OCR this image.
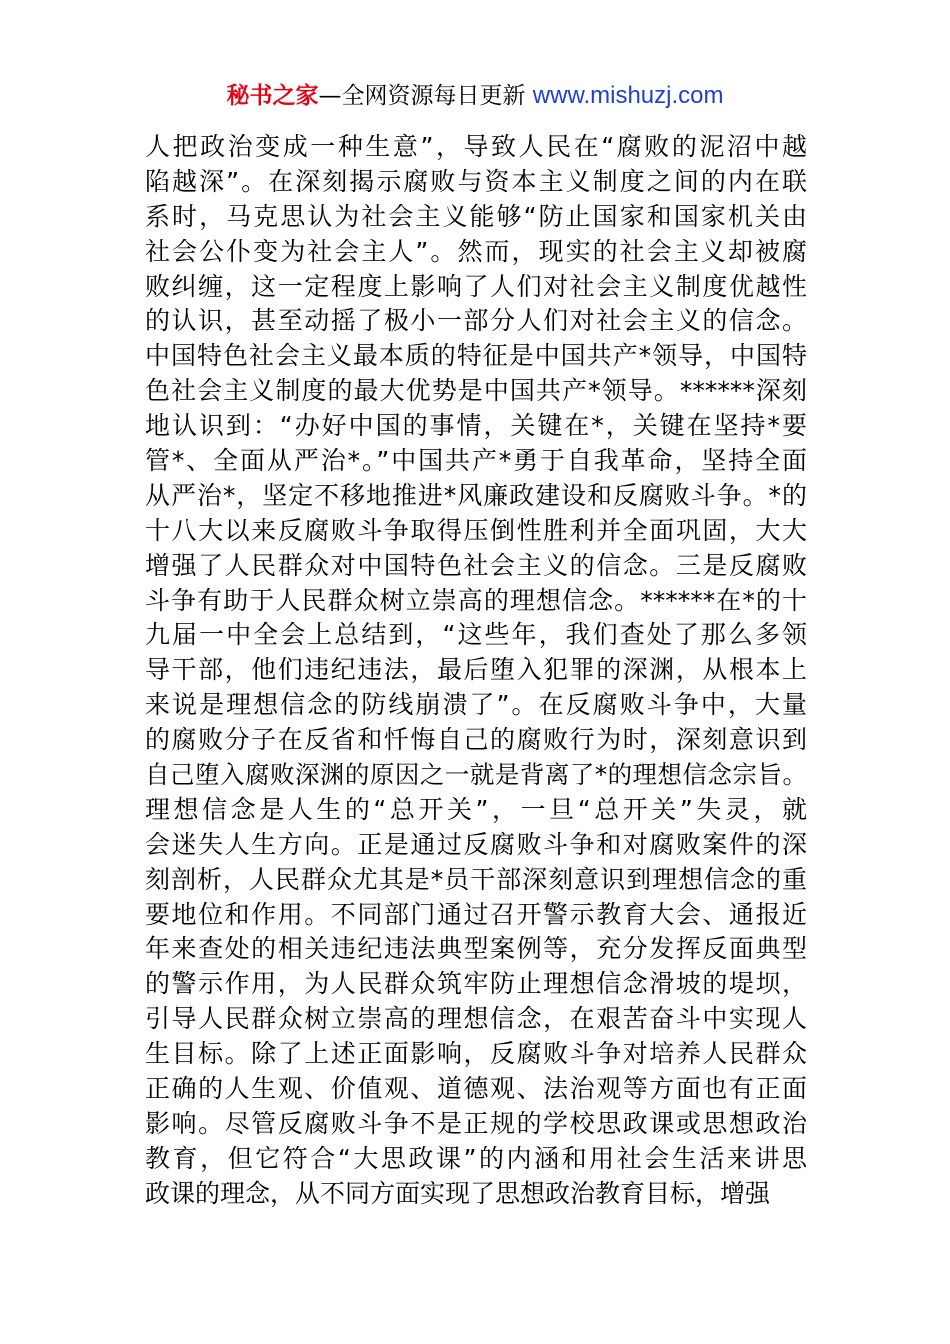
秘书之家—全网资源每日更新 www.mishuzj.com
人把政治变成一种生意”，导致人民在“腐败的泥沼中越
陷越深”。在深刻揭示腐败与资本主义制度之间的内在联
系时，马克思认为社会主义能够“防止国家和国家机关由
社会公仆变为社会主人”。然而，现实的社会主义却被腐
败纠缠，这一定程度上影响了人们对社会主义制度优越性
的认识，甚至动摇了极小一部分人们对社会主义的信念。
中国特色社会主义最本质的特征是中国共产*领导，中国特
色社会主义制度的最大优势是中国共产*领导。******深刻
地认识到：“办好中国的事情，关键在*，关键在坚持*要
管*、全面从严治*。”中国共产*勇于自我革命，坚持全面
从严治*，坚定不移地推进*风廉政建设和反腐败斗争。*的
十八大以来反腐败斗争取得压倒性胜利并全面巩固，大大
增强了人民群众对中国特色社会主义的信念。三是反腐败
斗争有助于人民群众树立崇高的理想信念。******在*的十
九届一中全会上总结到，“这些年，我们查处了那么多领
导干部，他们违纪违法，最后堕入犯罪的深渊，从根本上
来说是理想信念的防线崩溃了”。在反腐败斗争中，大量
的腐败分子在反省和忏悔自己的腐败行为时，深刻意识到
自己堕入腐败深渊的原因之一就是背离了*的理想信念宗旨。
理想信念是人生的“总开关”，一旦“总开关”失灵，就
会迷失人生方向。正是通过反腐败斗争和对腐败案件的深
刻剖析，人民群众尤其是*员干部深刻意识到理想信念的重
要地位和作用。不同部门通过召开警示教育大会、通报近
年来查处的相关违纪违法典型案例等，充分发挥反面典型
的警示作用，为人民群众筑牢防止理想信念滑坡的堤坝，
引导人民群众树立崇高的理想信念，在艰苦奋斗中实现人
生目标。除了上述正面影响，反腐败斗争对培养人民群众
正确的人生观、价值观、道德观、法治观等方面也有正面
影响。尽管反腐败斗争不是正规的学校思政课或思想政治
教育，但它符合“大思政课”的内涵和用社会生活来讲思
政课的理念，从不同方面实现了思想政治教育目标，增强
